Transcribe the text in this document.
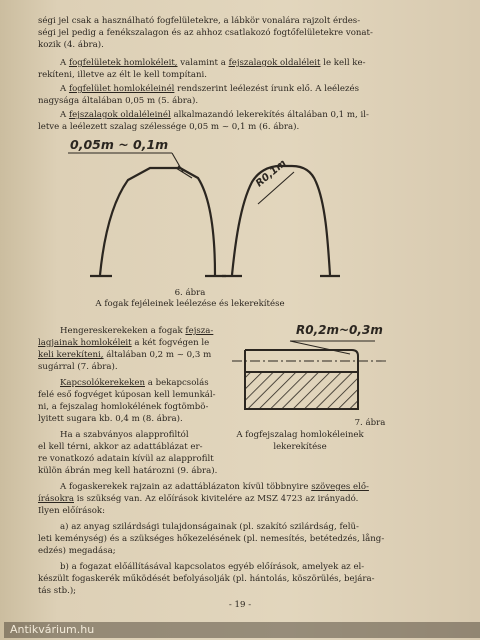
ségi jel csak a használható fogfelületekre, a lábkör vonalára rajzolt érdes-
ségi jel pedig a fenékszalagon és az ahhoz csatlakozó fogtőfelületekre vonat-
kozik (4. ábra).
A fogfelületek homlokéleit, valamint a fejszalagok oldaléleit le kell ke-
rekíteni, illetve az élt le kell tompítani.
A fogfelület homlokéleinél rendszerint leélezést írunk elő. A leélezés
nagysága általában 0,05 m (5. ábra).
A fejszalagok oldaléleinél alkalmazandó lekerekítés általában 0,1 m, il-
letve a leélezett szalag szélessége 0,05 m ~ 0,1 m (6. ábra).
0,05m ~ 0,1m
R0,1m
6. ábra
A fogak fejéleinek leélezése és lekerekítése
Hengereskerekeken a fogak fejsza-
lagjainak homlokéleit a két fogvégen le
keli kerekíteni, általában 0,2 m ~ 0,3 m
sugárral (7. ábra).
Kapcsolókerekeken a bekapcsolás
felé eső fogvéget kúposan kell lemunkál-
ni, a fejszalag homlokélének fogtömbö-
lyitett sugara kb. 0,4 m (8. ábra).
Ha a szabványos alapprofiltól
el kell térni, akkor az adattáblázat er-
re vonatkozó adatain kívül az alapprofilt
külön ábrán meg kell határozni (9. ábra).
R0,2m~0,3m
7. ábra
A fogfejszalag homlokéleinek
lekerekítése
A fogaskerekek rajzain az adattáblázaton kívül többnyire szöveges elő-
írásokra is szükség van. Az előírások kivitelére az MSZ 4723 az irányadó.
Ilyen előírások:
a) az anyag szilárdsági tulajdonságainak (pl. szakító szilárdság, felü-
leti keménység) és a szükséges hőkezelésének (pl. nemesítés, betétedzés, lång-
edzés) megadása;
b) a fogazat előállításával kapcsolatos egyéb előírások, amelyek az el-
készült fogaskerék működését befolyásolják (pl. hántolás, köszörülés, bejára-
tás stb.);
- 19 -
Antikvárium.hu
